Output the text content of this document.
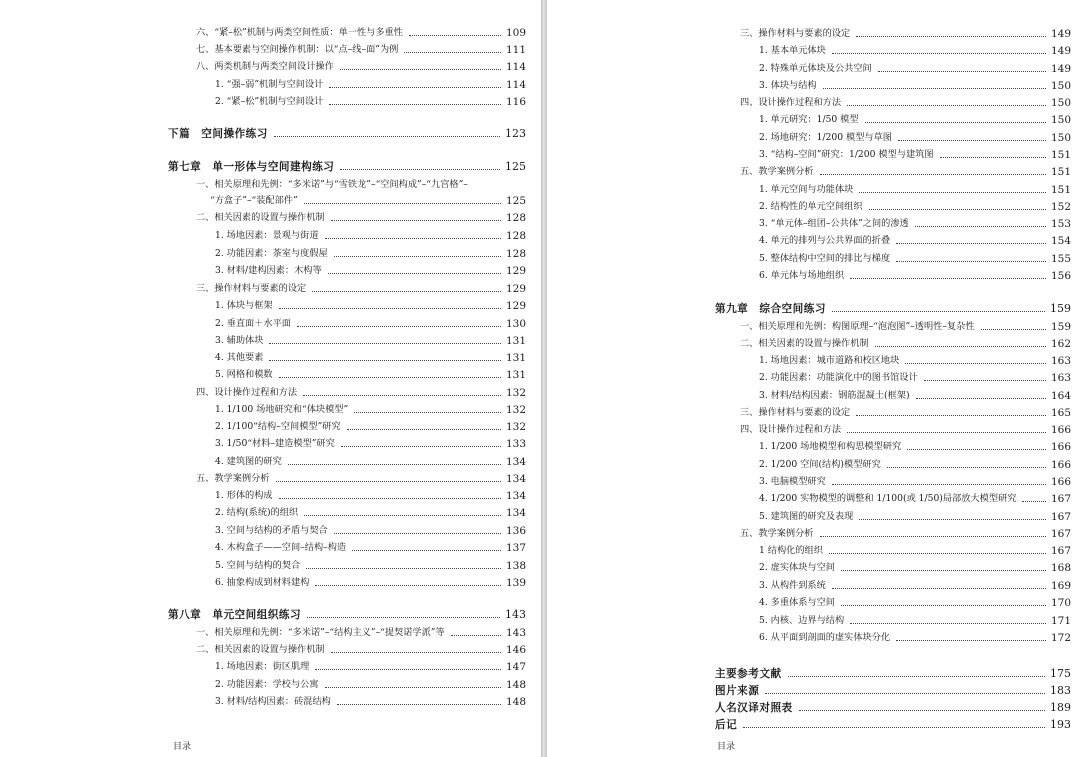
六、“紧–松”机制与两类空间性质：单一性与多重性	109
七、基本要素与空间操作机制：以“点–线–面”为例	111
八、两类机制与两类空间设计操作	114
1. “强–弱”机制与空间设计	114
2. “紧–松”机制与空间设计	116
下篇　空间操作练习	123
第七章　单一形体与空间建构练习	125
一、相关原理和先例：“多米诺”与“雪铁龙”–“空间构成”–“九宫格”–
“方盒子”–“装配部件”	125
二、相关因素的设置与操作机制	128
1. 场地因素：景观与街道	128
2. 功能因素：茶室与度假屋	128
3. 材料/建构因素：木构等	129
三、操作材料与要素的设定	129
1. 体块与框架	129
2. 垂直面＋水平面	130
3. 辅助体块	131
4. 其他要素	131
5. 网格和模数	131
四、设计操作过程和方法	132
1. 1/100 场地研究和“体块模型”	132
2. 1/100“结构–空间模型”研究	132
3. 1/50“材料–建造模型”研究	133
4. 建筑图的研究	134
五、教学案例分析	134
1. 形体的构成	134
2. 结构(系统)的组织	134
3. 空间与结构的矛盾与契合	136
4. 木构盒子——空间–结构–构造	137
5. 空间与结构的契合	138
6. 抽象构成到材料建构	139
第八章　单元空间组织练习	143
一、相关原理和先例：“多米诺”–“结构主义”–“提契诺学派”等	143
二、相关因素的设置与操作机制	146
1. 场地因素：街区肌理	147
2. 功能因素：学校与公寓	148
3. 材料/结构因素：砖混结构	148
目录
三、操作材料与要素的设定	149
1. 基本单元体块	149
2. 特殊单元体块及公共空间	149
3. 体块与结构	150
四、设计操作过程和方法	150
1. 单元研究：1/50 模型	150
2. 场地研究：1/200 模型与草图	150
3. “结构–空间”研究：1/200 模型与建筑图	151
五、教学案例分析	151
1. 单元空间与功能体块	151
2. 结构性的单元空间组织	152
3. “单元体–组团–公共体”之间的渗透	153
4. 单元的排列与公共界面的折叠	154
5. 整体结构中空间的排比与梯度	155
6. 单元体与场地组织	156
第九章　综合空间练习	159
一、相关原理和先例：构图原理–“泡泡图”–透明性–复杂性	159
二、相关因素的设置与操作机制	162
1. 场地因素：城市道路和校区地块	163
2. 功能因素：功能演化中的图书馆设计	163
3. 材料/结构因素：钢筋混凝土(框架)	164
三、操作材料与要素的设定	165
四、设计操作过程和方法	166
1. 1/200 场地模型和构思模型研究	166
2. 1/200 空间(结构)模型研究	166
3. 电脑模型研究	166
4. 1/200 实物模型的调整和 1/100(或 1/50)局部放大模型研究	167
5. 建筑图的研究及表现	167
五、教学案例分析	167
1 结构化的组织	167
2. 虚实体块与空间	168
3. 从构件到系统	169
4. 多重体系与空间	170
5. 内核、边界与结构	171
6. 从平面到剖面的虚实体块分化	172
主要参考文献	175
图片来源	183
人名汉译对照表	189
后记	193
目录
